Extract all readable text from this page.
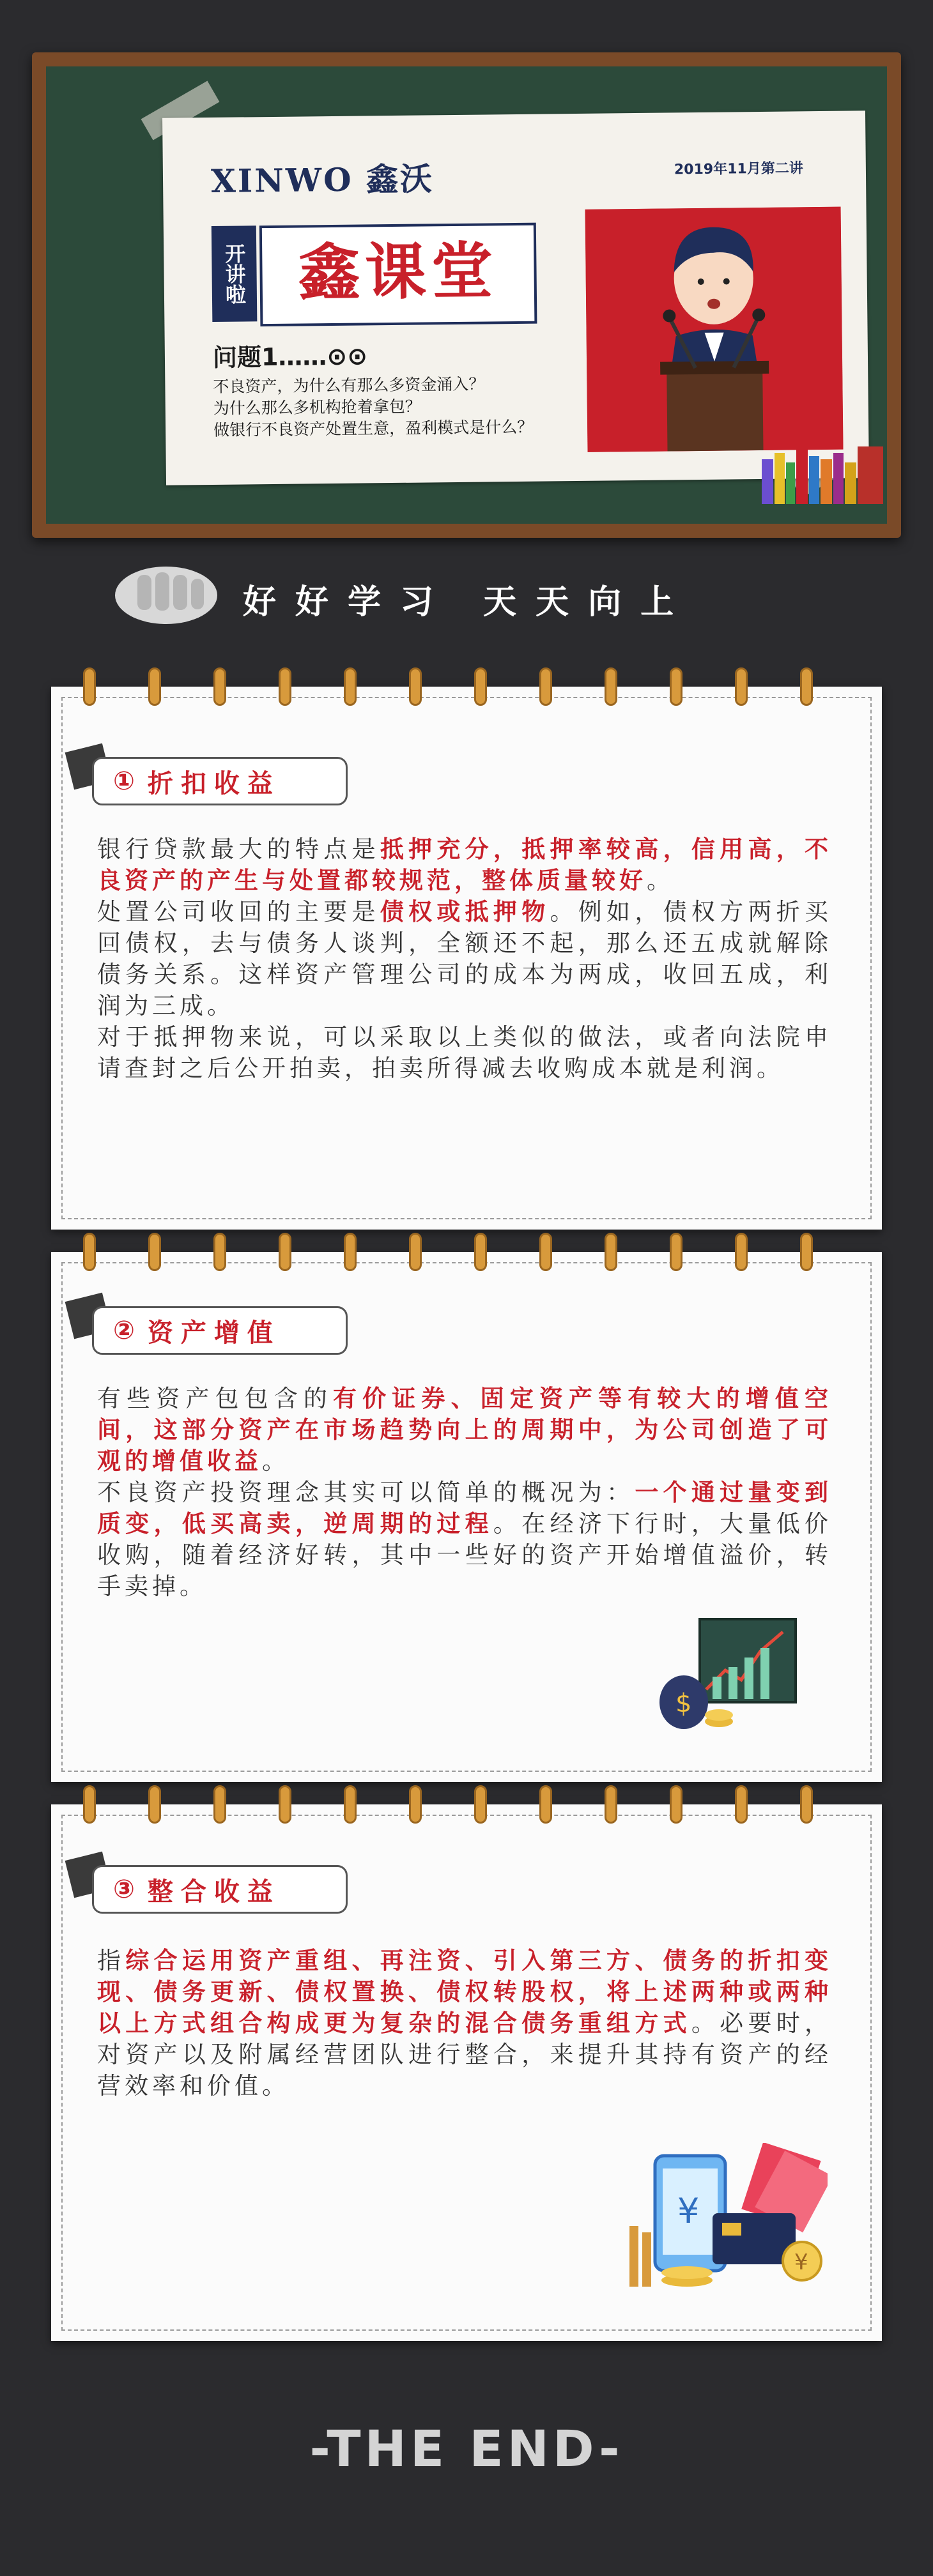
XINWO 鑫沃	2019年11月第二讲
开讲啦 鑫课堂
问题1……⊙⊙
不良资产，为什么有那么多资金涌入？
为什么那么多机构抢着拿包？
做银行不良资产处置生意，盈利模式是什么？
好好学习 天天向上
① 折扣收益
银行贷款最大的特点是抵押充分，抵押率较高，信用高，不良资产的产生与处置都较规范，整体质量较好。
处置公司收回的主要是债权或抵押物。例如，债权方两折买回债权，去与债务人谈判，全额还不起，那么还五成就解除债务关系。这样资产管理公司的成本为两成，收回五成，利润为三成。
对于抵押物来说，可以采取以上类似的做法，或者向法院申请查封之后公开拍卖，拍卖所得减去收购成本就是利润。
② 资产增值
有些资产包包含的有价证券、固定资产等有较大的增值空间，这部分资产在市场趋势向上的周期中，为公司创造了可观的增值收益。
不良资产投资理念其实可以简单的概况为：一个通过量变到质变，低买高卖，逆周期的过程。在经济下行时，大量低价收购，随着经济好转，其中一些好的资产开始增值溢价，转手卖掉。
$
③ 整合收益
指综合运用资产重组、再注资、引入第三方、债务的折扣变现、债务更新、债权置换、债权转股权，将上述两种或两种以上方式组合构成更为复杂的混合债务重组方式。必要时，对资产以及附属经营团队进行整合，来提升其持有资产的经营效率和价值。
¥
¥
-THE END-
